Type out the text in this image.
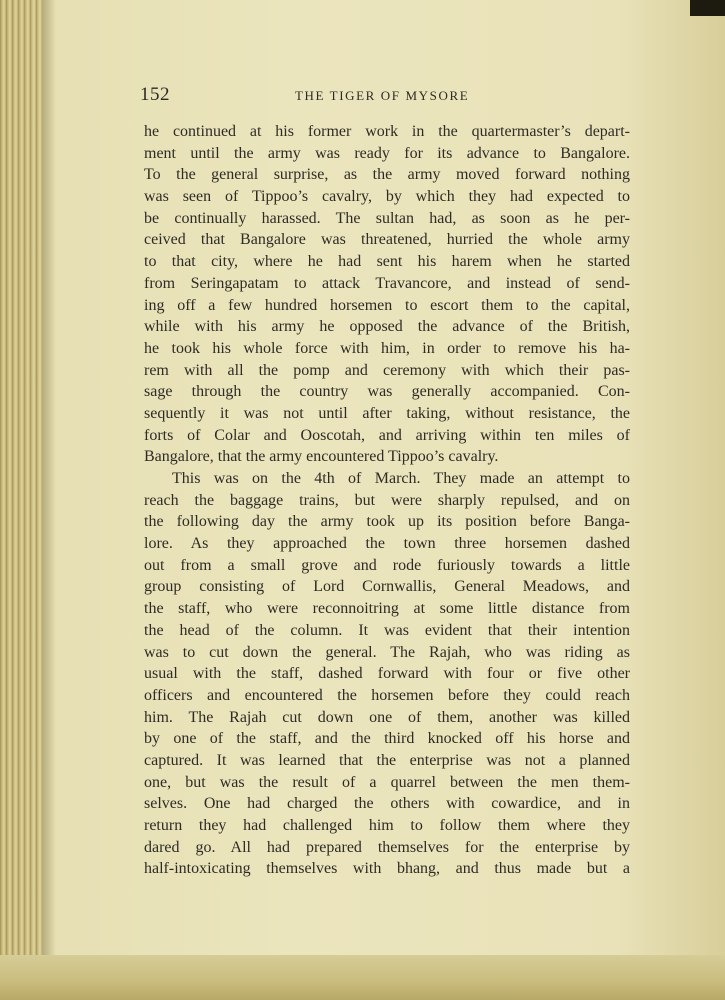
152	THE TIGER OF MYSORE
he continued at his former work in the quartermaster’s depart-
ment until the army was ready for its advance to Bangalore.
To the general surprise, as the army moved forward nothing
was seen of Tippoo’s cavalry, by which they had expected to
be continually harassed. The sultan had, as soon as he per-
ceived that Bangalore was threatened, hurried the whole army
to that city, where he had sent his harem when he started
from Seringapatam to attack Travancore, and instead of send-
ing off a few hundred horsemen to escort them to the capital,
while with his army he opposed the advance of the British,
he took his whole force with him, in order to remove his ha-
rem with all the pomp and ceremony with which their pas-
sage through the country was generally accompanied. Con-
sequently it was not until after taking, without resistance, the
forts of Colar and Ooscotah, and arriving within ten miles of
Bangalore, that the army encountered Tippoo’s cavalry.
This was on the 4th of March. They made an attempt to
reach the baggage trains, but were sharply repulsed, and on
the following day the army took up its position before Banga-
lore. As they approached the town three horsemen dashed
out from a small grove and rode furiously towards a little
group consisting of Lord Cornwallis, General Meadows, and
the staff, who were reconnoitring at some little distance from
the head of the column. It was evident that their intention
was to cut down the general. The Rajah, who was riding as
usual with the staff, dashed forward with four or five other
officers and encountered the horsemen before they could reach
him. The Rajah cut down one of them, another was killed
by one of the staff, and the third knocked off his horse and
captured. It was learned that the enterprise was not a planned
one, but was the result of a quarrel between the men them-
selves. One had charged the others with cowardice, and in
return they had challenged him to follow them where they
dared go. All had prepared themselves for the enterprise by
half-intoxicating themselves with bhang, and thus made but a
